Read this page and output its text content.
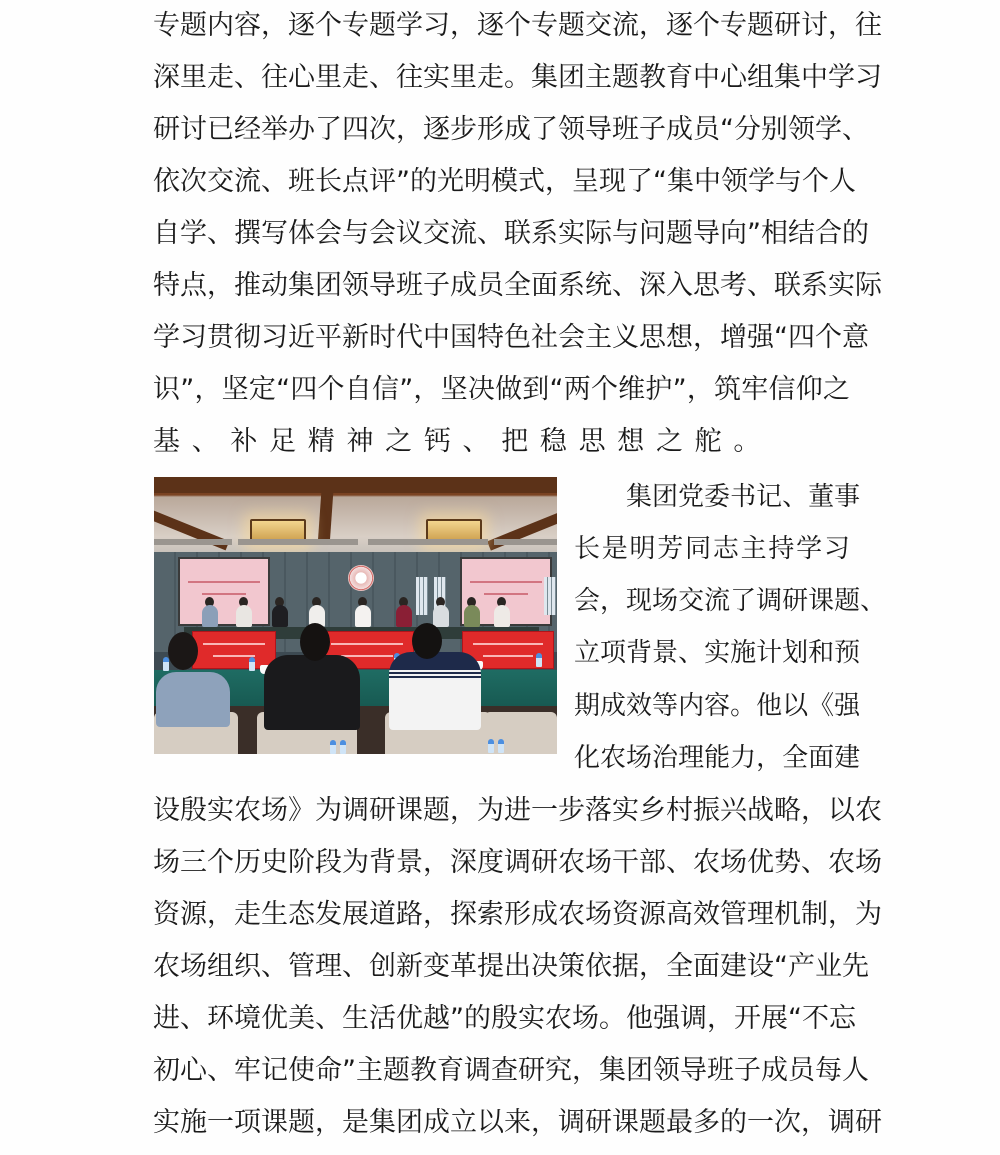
专 题 内 容 ， 逐 个 专 题 学 习 ， 逐 个 专 题 交 流 ， 逐 个 专 题 研 讨 ， 往
深 里 走 、 往 心 里 走 、 往 实 里 走 。 集 团 主 题 教 育 中 心 组 集 中 学 习
研 讨 已 经 举 办 了 四 次 ， 逐 步 形 成 了 领 导 班 子 成 员 “ 分 别 领 学 、
依 次 交 流 、 班 长 点 评 ” 的 光 明 模 式 ， 呈 现 了 “ 集 中 领 学 与 个 人
自 学 、 撰 写 体 会 与 会 议 交 流 、 联 系 实 际 与 问 题 导 向 ” 相 结 合 的
特 点 ， 推 动 集 团 领 导 班 子 成 员 全 面 系 统 、 深 入 思 考 、 联 系 实 际
学 习 贯 彻 习 近 平 新 时 代 中 国 特 色 社 会 主 义 思 想 ， 增 强 “ 四 个 意
识 ” ， 坚 定 “ 四 个 自 信 ” ， 坚 决 做 到 “ 两 个 维 护 ” ， 筑 牢 信 仰 之
基 、 补 足 精 神 之 钙 、 把 稳 思 想 之 舵 。
集 团 党 委 书 记 、 董 事
长 是 明 芳 同 志 主 持 学 习
会 ， 现 场 交 流 了 调 研 课 题 、
立 项 背 景 、 实 施 计 划 和 预
期 成 效 等 内 容 。 他 以 《 强
化 农 场 治 理 能 力 ， 全 面 建
设 殷 实 农 场 》 为 调 研 课 题 ， 为 进 一 步 落 实 乡 村 振 兴 战 略 ， 以 农
场 三 个 历 史 阶 段 为 背 景 ， 深 度 调 研 农 场 干 部 、 农 场 优 势 、 农 场
资 源 ， 走 生 态 发 展 道 路 ， 探 索 形 成 农 场 资 源 高 效 管 理 机 制 ， 为
农 场 组 织 、 管 理 、 创 新 变 革 提 出 决 策 依 据 ， 全 面 建 设 “ 产 业 先
进 、 环 境 优 美 、 生 活 优 越 ” 的 殷 实 农 场 。 他 强 调 ， 开 展 “ 不 忘
初 心 、 牢 记 使 命 ” 主 题 教 育 调 查 研 究 ， 集 团 领 导 班 子 成 员 每 人
实 施 一 项 课 题 ， 是 集 团 成 立 以 来 ， 调 研 课 题 最 多 的 一 次 ， 调 研
